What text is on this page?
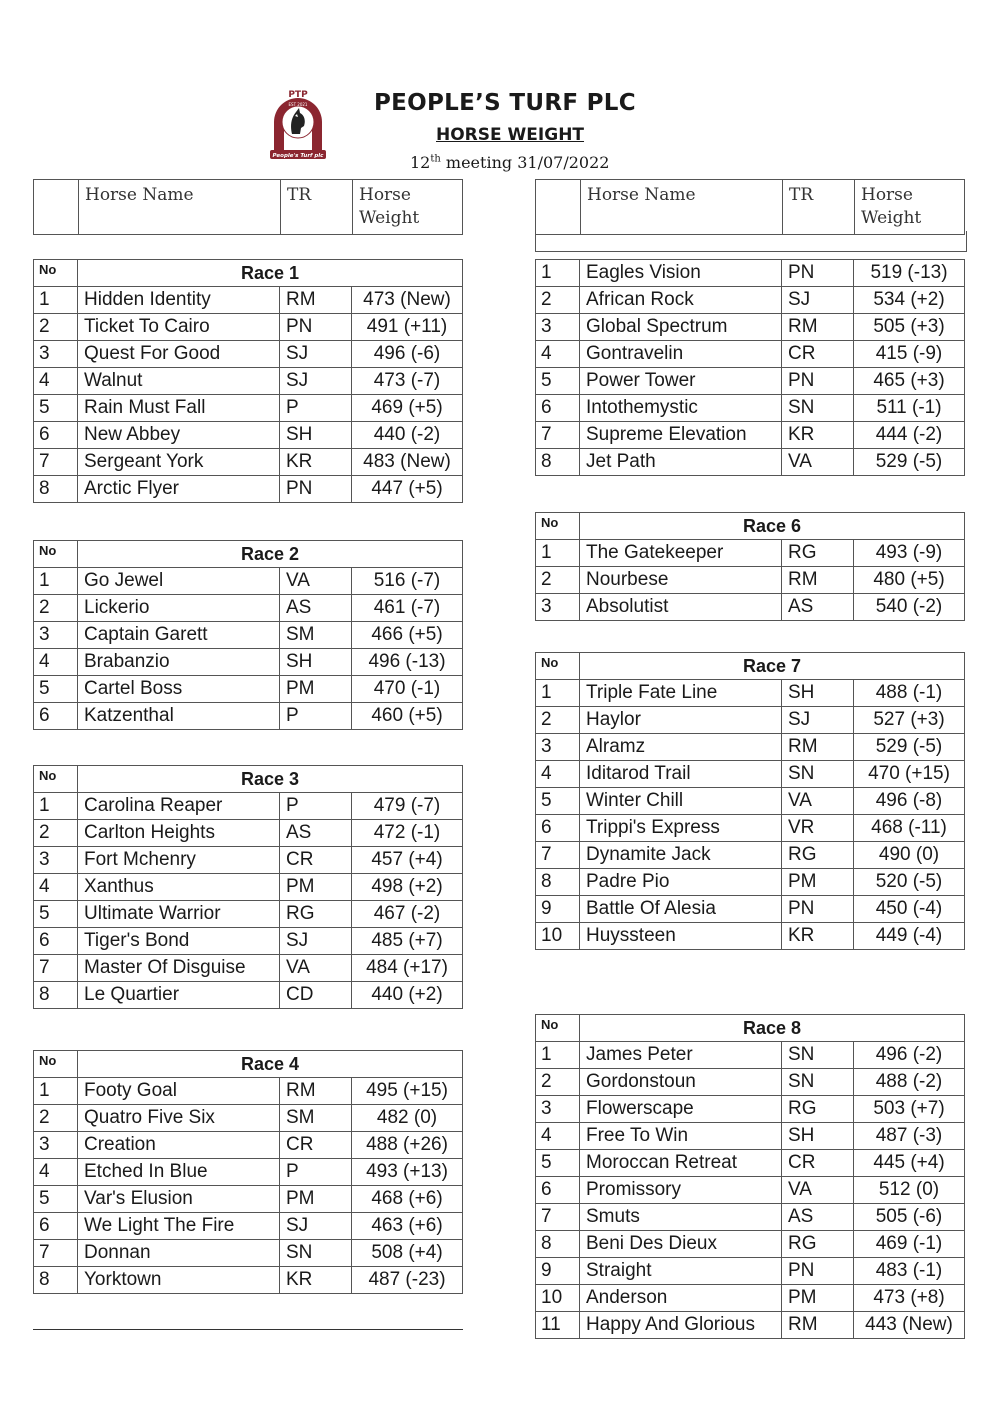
PTP
EST 2021
People's Turf plc
PEOPLE’S TURF PLC
HORSE WEIGHT
12th meeting 31/07/2022
	Horse Name	TR	Horse
Weight
	Horse Name	TR	Horse
Weight
No	Race 1		
1	Hidden Identity	RM	473 (New)
2	Ticket To Cairo	PN	491 (+11)
3	Quest For Good	SJ	496 (-6)
4	Walnut	SJ	473 (-7)
5	Rain Must Fall	P	469 (+5)
6	New Abbey	SH	440 (-2)
7	Sergeant York	KR	483 (New)
8	Arctic Flyer	PN	447 (+5)
No	Race 2		
1	Go Jewel	VA	516 (-7)
2	Lickerio	AS	461 (-7)
3	Captain Garett	SM	466 (+5)
4	Brabanzio	SH	496 (-13)
5	Cartel Boss	PM	470 (-1)
6	Katzenthal	P	460 (+5)
No	Race 3		
1	Carolina Reaper	P	479 (-7)
2	Carlton Heights	AS	472 (-1)
3	Fort Mchenry	CR	457 (+4)
4	Xanthus	PM	498 (+2)
5	Ultimate Warrior	RG	467 (-2)
6	Tiger's Bond	SJ	485 (+7)
7	Master Of Disguise	VA	484 (+17)
8	Le Quartier	CD	440 (+2)
No	Race 4		
1	Footy Goal	RM	495 (+15)
2	Quatro Five Six	SM	482 (0)
3	Creation	CR	488 (+26)
4	Etched In Blue	P	493 (+13)
5	Var's Elusion	PM	468 (+6)
6	We Light The Fire	SJ	463 (+6)
7	Donnan	SN	508 (+4)
8	Yorktown	KR	487 (-23)
1	Eagles Vision	PN	519 (-13)
2	African Rock	SJ	534 (+2)
3	Global Spectrum	RM	505 (+3)
4	Gontravelin	CR	415 (-9)
5	Power Tower	PN	465 (+3)
6	Intothemystic	SN	511 (-1)
7	Supreme Elevation	KR	444 (-2)
8	Jet Path	VA	529 (-5)
No	Race 6		
1	The Gatekeeper	RG	493 (-9)
2	Nourbese	RM	480 (+5)
3	Absolutist	AS	540 (-2)
No	Race 7		
1	Triple Fate Line	SH	488 (-1)
2	Haylor	SJ	527 (+3)
3	Alramz	RM	529 (-5)
4	Iditarod Trail	SN	470 (+15)
5	Winter Chill	VA	496 (-8)
6	Trippi's Express	VR	468 (-11)
7	Dynamite Jack	RG	490 (0)
8	Padre Pio	PM	520 (-5)
9	Battle Of Alesia	PN	450 (-4)
10	Huyssteen	KR	449 (-4)
No	Race 8		
1	James Peter	SN	496 (-2)
2	Gordonstoun	SN	488 (-2)
3	Flowerscape	RG	503 (+7)
4	Free To Win	SH	487 (-3)
5	Moroccan Retreat	CR	445 (+4)
6	Promissory	VA	512 (0)
7	Smuts	AS	505 (-6)
8	Beni Des Dieux	RG	469 (-1)
9	Straight	PN	483 (-1)
10	Anderson	PM	473 (+8)
11	Happy And Glorious	RM	443 (New)
